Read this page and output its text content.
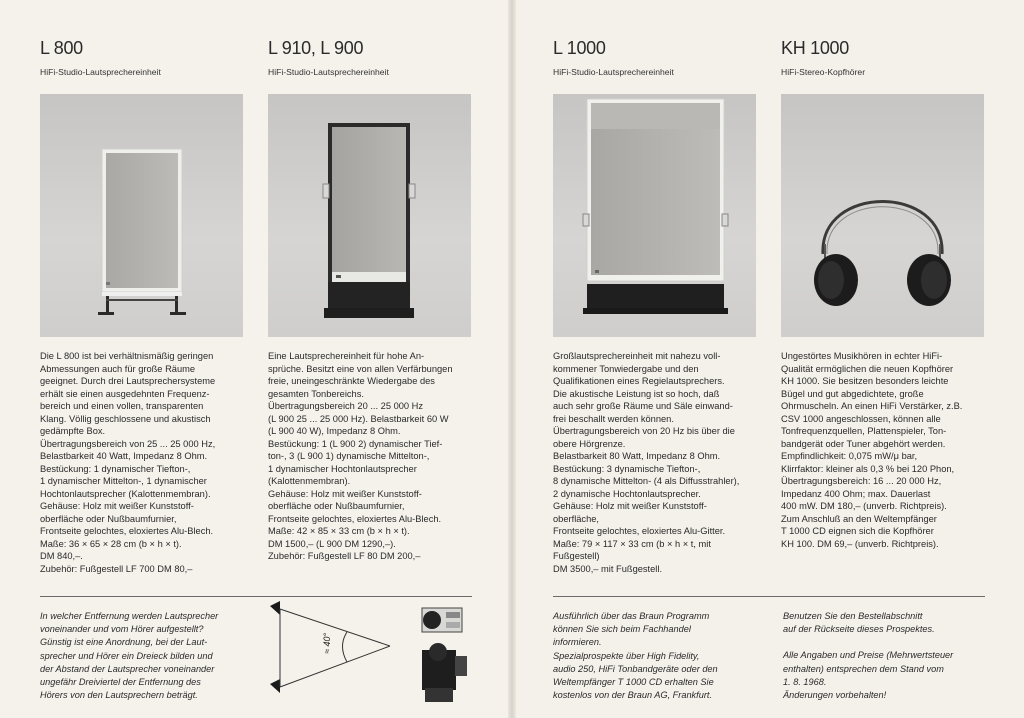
L 800
HiFi-Studio-Lautsprechereinheit
Die L 800 ist bei verhältnismäßig geringen
Abmessungen auch für große Räume
geeignet. Durch drei Lautsprechersysteme
erhält sie einen ausgedehnten Frequenz-
bereich und einen vollen, transparenten
Klang. Völlig geschlossene und akustisch
gedämpfte Box.
Übertragungsbereich von 25 ... 25 000 Hz,
Belastbarkeit 40 Watt, Impedanz 8 Ohm.
Bestückung: 1 dynamischer Tiefton-,
1 dynamischer Mittelton-, 1 dynamischer
Hochtonlautsprecher (Kalottenmembran).
Gehäuse: Holz mit weißer Kunststoff-
oberfläche oder Nußbaumfurnier,
Frontseite gelochtes, eloxiertes Alu-Blech.
Maße: 36 × 65 × 28 cm (b × h × t).
DM 840,–.
Zubehör: Fußgestell LF 700 DM 80,–
L 910, L 900
HiFi-Studio-Lautsprechereinheit
Eine Lautsprechereinheit für hohe An-
sprüche. Besitzt eine von allen Verfärbungen
freie, uneingeschränkte Wiedergabe des
gesamten Tonbereichs.
Übertragungsbereich 20 ... 25 000 Hz
(L 900 25 ... 25 000 Hz). Belastbarkeit 60 W
(L 900 40 W), Impedanz 8 Ohm.
Bestückung: 1 (L 900 2) dynamischer Tief-
ton-, 3 (L 900 1) dynamische Mittelton-,
1 dynamischer Hochtonlautsprecher
(Kalottenmembran).
Gehäuse: Holz mit weißer Kunststoff-
oberfläche oder Nußbaumfurnier,
Frontseite gelochtes, eloxiertes Alu-Blech.
Maße: 42 × 85 × 33 cm (b × h × t).
DM 1500,– (L 900 DM 1290,–).
Zubehör: Fußgestell LF 80 DM 200,–
L 1000
HiFi-Studio-Lautsprechereinheit
Großlautsprechereinheit mit nahezu voll-
kommener Tonwiedergabe und den
Qualifikationen eines Regielautsprechers.
Die akustische Leistung ist so hoch, daß
auch sehr große Räume und Säle einwand-
frei beschallt werden können.
Übertragungsbereich von 20 Hz bis über die
obere Hörgrenze.
Belastbarkeit 80 Watt, Impedanz 8 Ohm.
Bestückung: 3 dynamische Tiefton-,
8 dynamische Mittelton- (4 als Diffusstrahler),
2 dynamische Hochtonlautsprecher.
Gehäuse: Holz mit weißer Kunststoff-
oberfläche,
Frontseite gelochtes, eloxiertes Alu-Gitter.
Maße: 79 × 117 × 33 cm (b × h × t, mit
Fußgestell)
DM 3500,– mit Fußgestell.
KH 1000
HiFi-Stereo-Kopfhörer
Ungestörtes Musikhören in echter HiFi-
Qualität ermöglichen die neuen Kopfhörer
KH 1000. Sie besitzen besonders leichte
Bügel und gut abgedichtete, große
Ohrmuscheln. An einen HiFi Verstärker, z.B.
CSV 1000 angeschlossen, können alle
Tonfrequenzquellen, Plattenspieler, Ton-
bandgerät oder Tuner abgehört werden.
Empfindlichkeit: 0,075 mW/μ bar,
Klirrfaktor: kleiner als 0,3 % bei 120 Phon,
Übertragungsbereich: 16 ... 20 000 Hz,
Impedanz 400 Ohm; max. Dauerlast
400 mW. DM 180,– (unverb. Richtpreis).
Zum Anschluß an den Weltempfänger
T 1000 CD eignen sich die Kopfhörer
KH 100. DM 69,– (unverb. Richtpreis).
In welcher Entfernung werden Lautsprecher
voneinander und vom Hörer aufgestellt?
Günstig ist eine Anordnung, bei der Laut-
sprecher und Hörer ein Dreieck bilden und
der Abstand der Lautsprecher voneinander
ungefähr Dreiviertel der Entfernung des
Hörers von den Lautsprechern beträgt.
≈ 40°
Ausführlich über das Braun Programm
können Sie sich beim Fachhandel
informieren.
Spezialprospekte über High Fidelity,
audio 250, HiFi Tonbandgeräte oder den
Weltempfänger T 1000 CD erhalten Sie
kostenlos von der Braun AG, Frankfurt.
Benutzen Sie den Bestellabschnitt
auf der Rückseite dieses Prospektes.
Alle Angaben und Preise (Mehrwertsteuer
enthalten) entsprechen dem Stand vom
1. 8. 1968.
Änderungen vorbehalten!
